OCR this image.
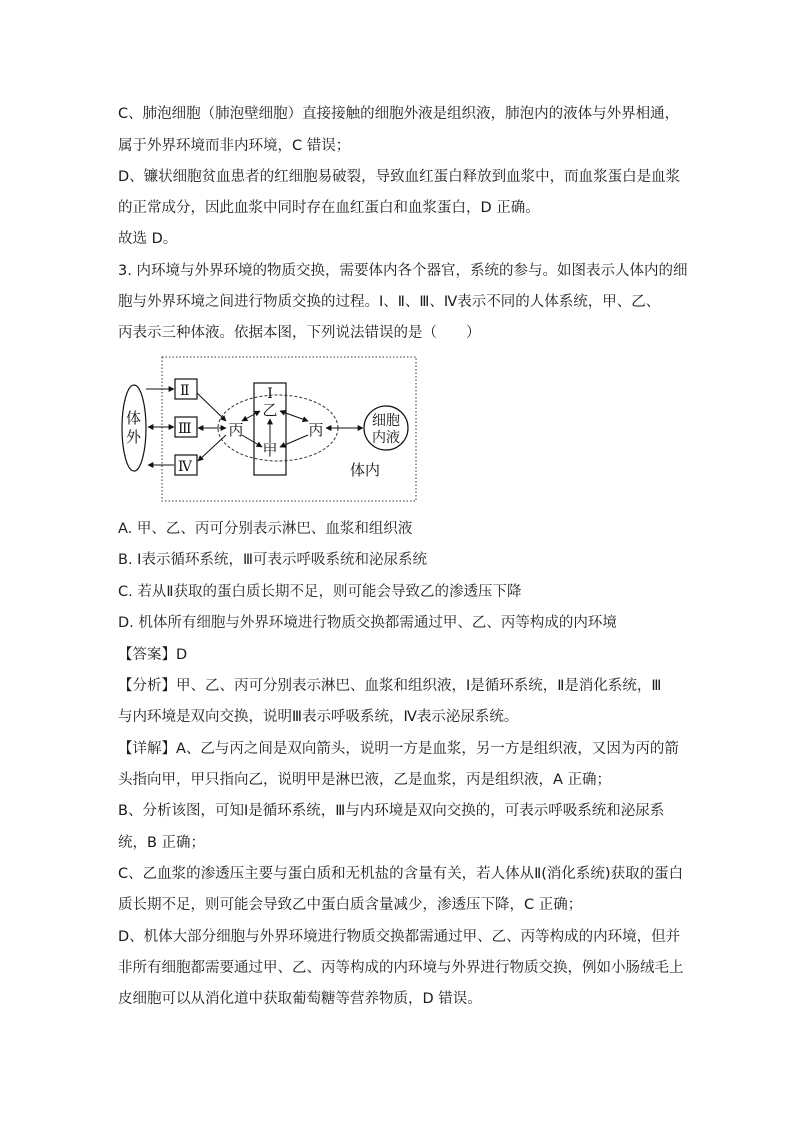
C、肺泡细胞（肺泡壁细胞）直接接触的细胞外液是组织液，肺泡内的液体与外界相通，
属于外界环境而非内环境，C 错误；
D、镰状细胞贫血患者的红细胞易破裂，导致血红蛋白释放到血浆中，而血浆蛋白是血浆
的正常成分，因此血浆中同时存在血红蛋白和血浆蛋白，D 正确。
故选 D。
3. 内环境与外界环境的物质交换，需要体内各个器官，系统的参与。如图表示人体内的细
胞与外界环境之间进行物质交换的过程。Ⅰ、Ⅱ、Ⅲ、Ⅳ表示不同的人体系统，甲、乙、
丙表示三种体液。依据本图，下列说法错误的是（　　）
体
外
Ⅱ
Ⅲ
Ⅳ
Ⅰ
乙
甲
丙	丙	细胞
内液
体内
A. 甲、乙、丙可分别表示淋巴、血浆和组织液
B. Ⅰ表示循环系统，Ⅲ可表示呼吸系统和泌尿系统
C. 若从Ⅱ获取的蛋白质长期不足，则可能会导致乙的渗透压下降
D. 机体所有细胞与外界环境进行物质交换都需通过甲、乙、丙等构成的内环境
【答案】D
【分析】甲、乙、丙可分别表示淋巴、血浆和组织液，Ⅰ是循环系统，Ⅱ是消化系统，Ⅲ
与内环境是双向交换，说明Ⅲ表示呼吸系统，Ⅳ表示泌尿系统。
【详解】A、乙与丙之间是双向箭头，说明一方是血浆，另一方是组织液，又因为丙的箭
头指向甲，甲只指向乙，说明甲是淋巴液，乙是血浆，丙是组织液，A 正确；
B、分析该图，可知Ⅰ是循环系统，Ⅲ与内环境是双向交换的，可表示呼吸系统和泌尿系
统，B 正确；
C、乙血浆的渗透压主要与蛋白质和无机盐的含量有关，若人体从Ⅱ(消化系统)获取的蛋白
质长期不足，则可能会导致乙中蛋白质含量减少，渗透压下降，C 正确；
D、机体大部分细胞与外界环境进行物质交换都需通过甲、乙、丙等构成的内环境，但并
非所有细胞都需要通过甲、乙、丙等构成的内环境与外界进行物质交换，例如小肠绒毛上
皮细胞可以从消化道中获取葡萄糖等营养物质，D 错误。
